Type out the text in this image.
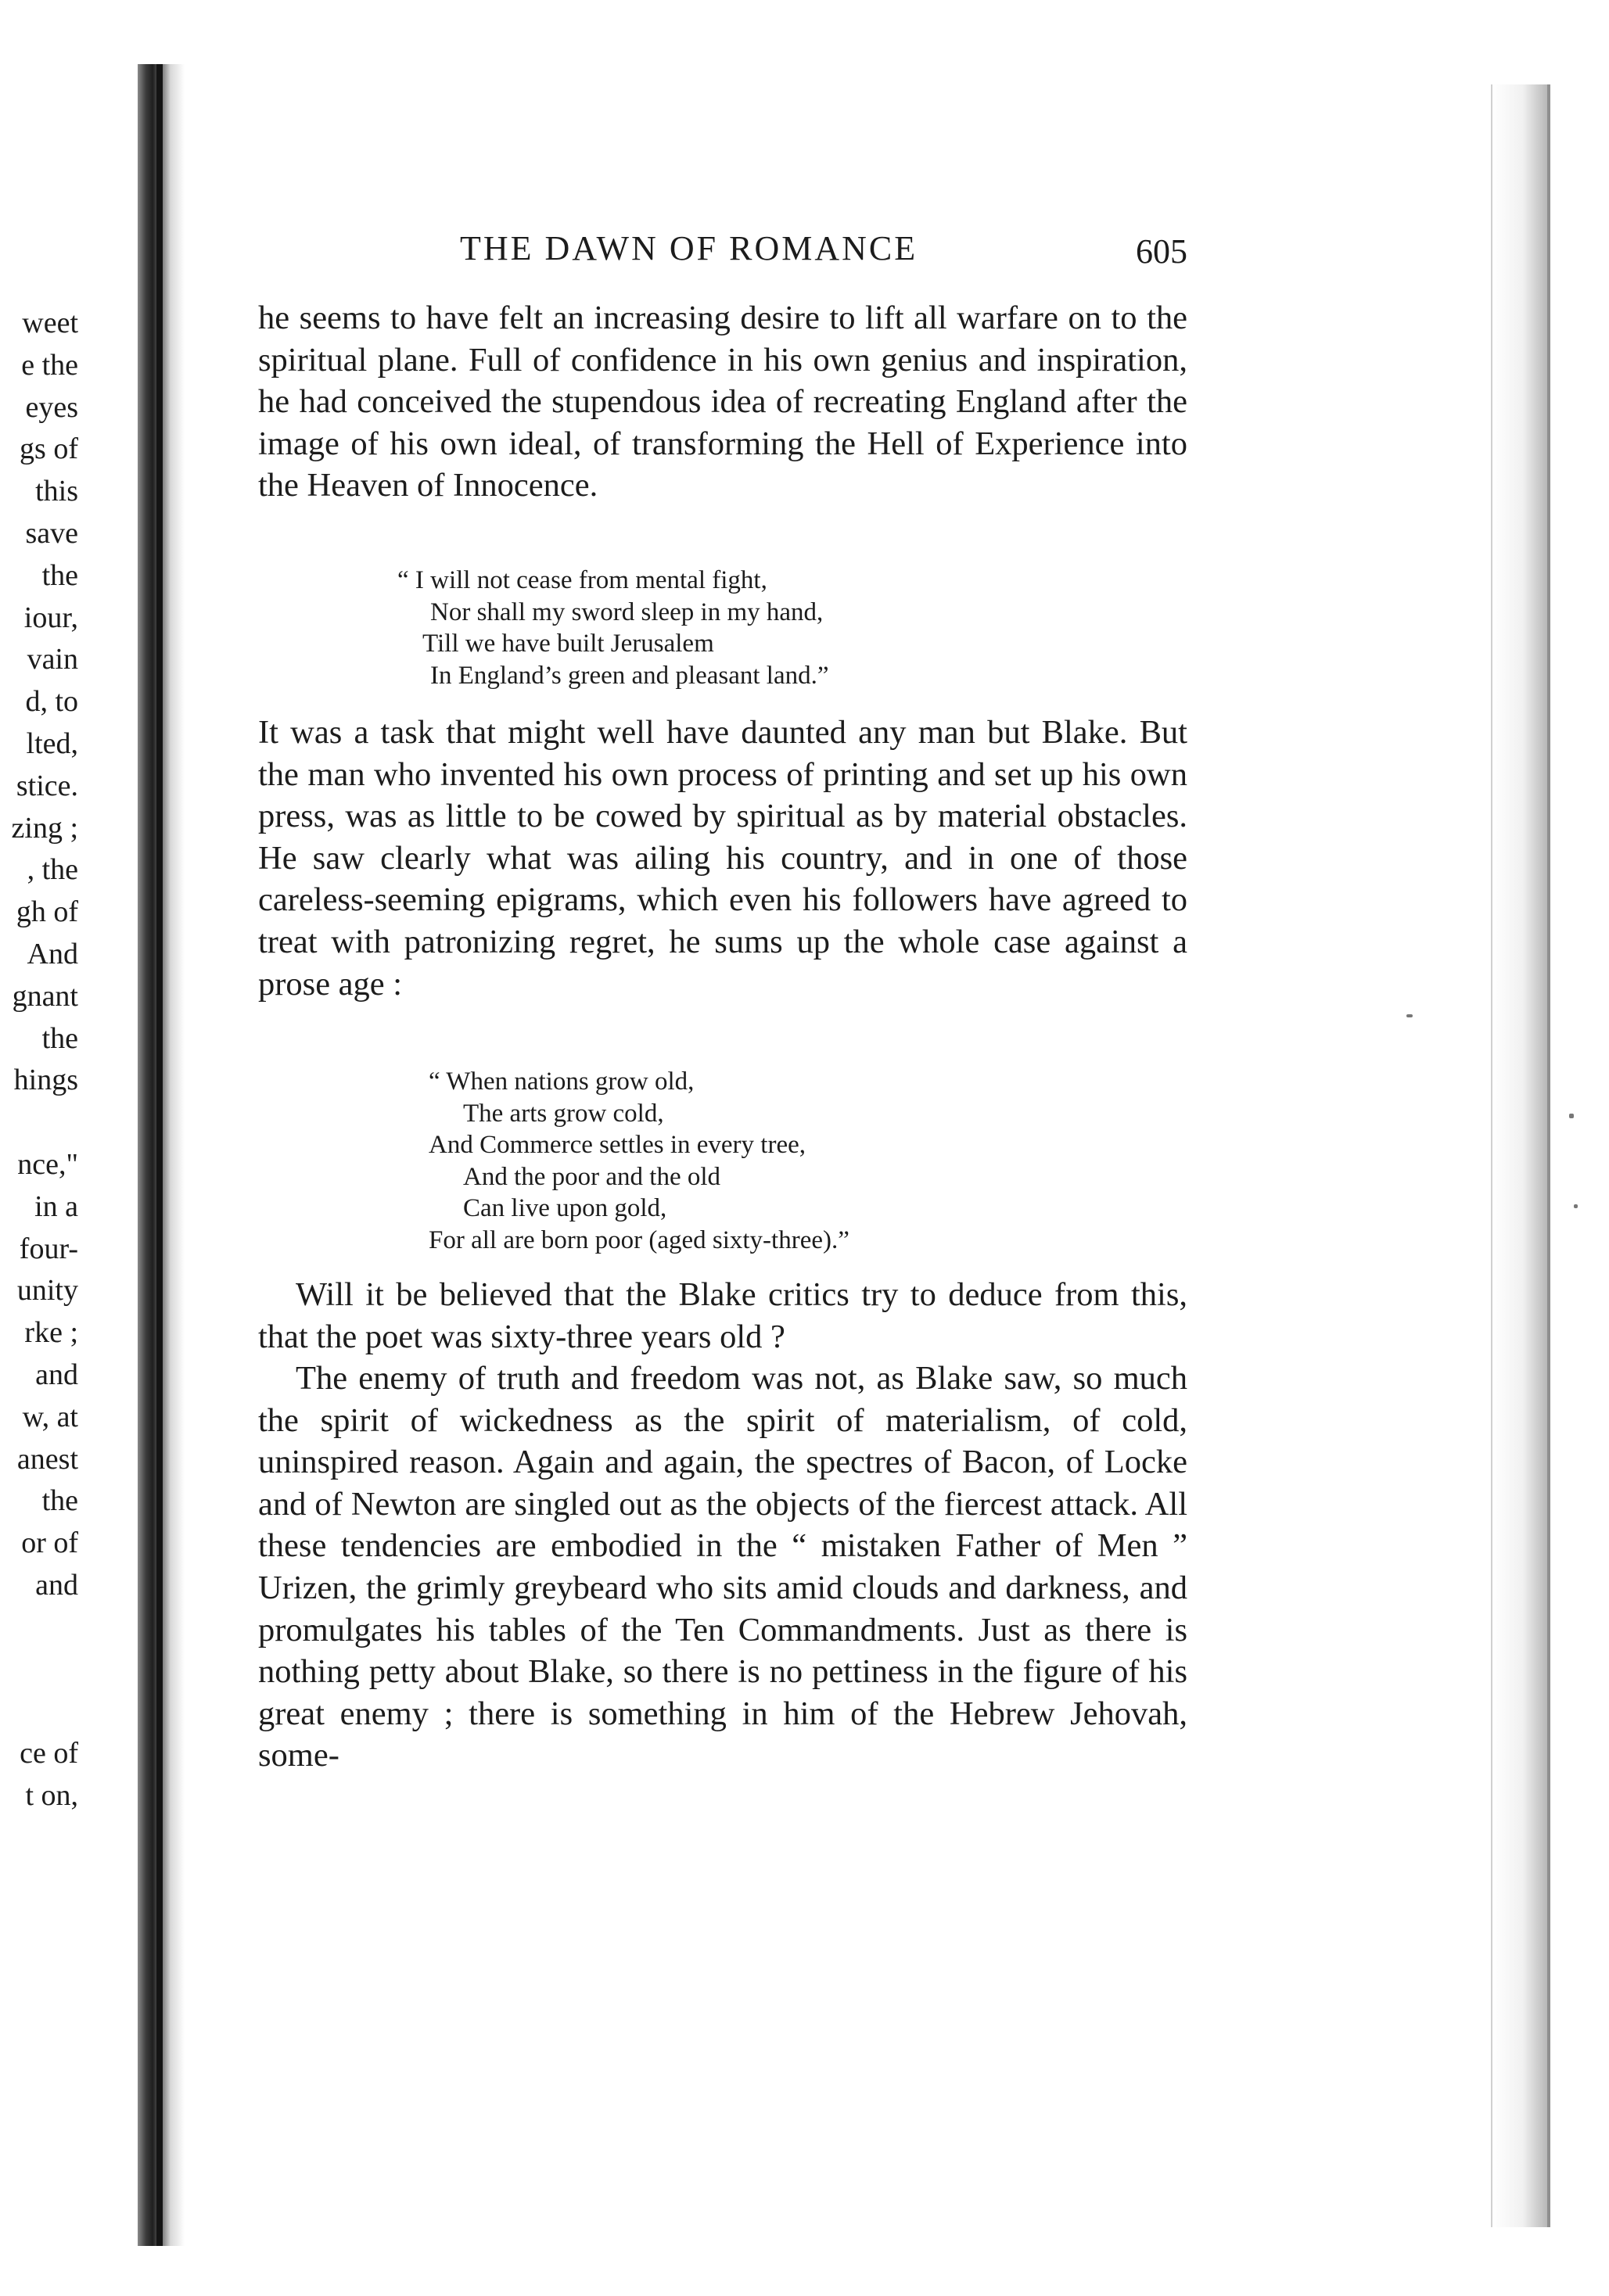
weet
e the
eyes
gs of
this
save
the
iour,
vain
d, to
lted,
stice.
zing ;
, the
gh of
And
gnant
the
hings
nce,"
in a
four-
unity
rke ;
and
w, at
anest
the
or of
and
ce of
t on,
THE DAWN OF ROMANCE	605

he seems to have felt an increasing desire to lift all warfare on to the spiritual plane. Full of confidence in his own genius and inspiration, he had conceived the stupendous idea of recreating England after the image of his own ideal, of transforming the Hell of Experience into the Heaven of Innocence.

“ I will not cease from mental fight,
Nor shall my sword sleep in my hand,
Till we have built Jerusalem
In England’s green and pleasant land.”

It was a task that might well have daunted any man but Blake. But the man who invented his own process of printing and set up his own press, was as little to be cowed by spiritual as by material obstacles. He saw clearly what was ailing his country, and in one of those careless-seeming epigrams, which even his followers have agreed to treat with patronizing regret, he sums up the whole case against a prose age :

“ When nations grow old,
The arts grow cold,
And Commerce settles in every tree,
And the poor and the old
Can live upon gold,
For all are born poor (aged sixty-three).”

Will it be believed that the Blake critics try to deduce from this, that the poet was sixty-three years old ?

The enemy of truth and freedom was not, as Blake saw, so much the spirit of wickedness as the spirit of materialism, of cold, uninspired reason. Again and again, the spectres of Bacon, of Locke and of Newton are singled out as the objects of the fiercest attack. All these tendencies are embodied in the “ mistaken Father of Men ” Urizen, the grimly greybeard who sits amid clouds and darkness, and promulgates his tables of the Ten Commandments. Just as there is nothing petty about Blake, so there is no pettiness in the figure of his great enemy ; there is something in him of the Hebrew Jehovah, some-
